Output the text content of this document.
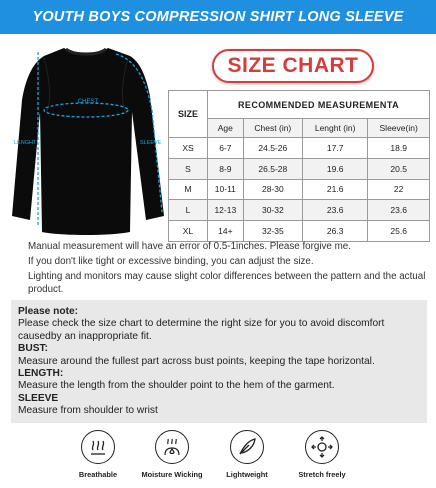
YOUTH BOYS COMPRESSION SHIRT LONG SLEEVE
CHEST
LENGHT	SLEEVE
SIZE CHART
SIZE	RECOMMENDED MEASUREMENTA			
	Age	Chest (in)	Lenght (in)	Sleeve(in)
XS	6-7	24.5-26	17.7	18.9
S	8-9	26.5-28	19.6	20.5
M	10-11	28-30	21.6	22
L	12-13	30-32	23.6	23.6
XL	14+	32-35	26.3	25.6

Manual measurement will have an error of 0.5-1inches. Please forgive me.

If you don't like tight or excessive binding, you can adjust the size.

Lighting and monitors may cause slight color differences between the pattern and the actual product.

Please note:
Please check the size chart to determine the right size for you to avoid discomfort causedby an inappropriate fit.
BUST:
Measure around the fullest part across bust points, keeping the tape horizontal.
LENGTH:
Measure the length from the shoulder point to the hem of the garment.
SLEEVE
Measure from shoulder to wrist
Breathable	Moisture Wicking	Lightweight	Stretch freely
